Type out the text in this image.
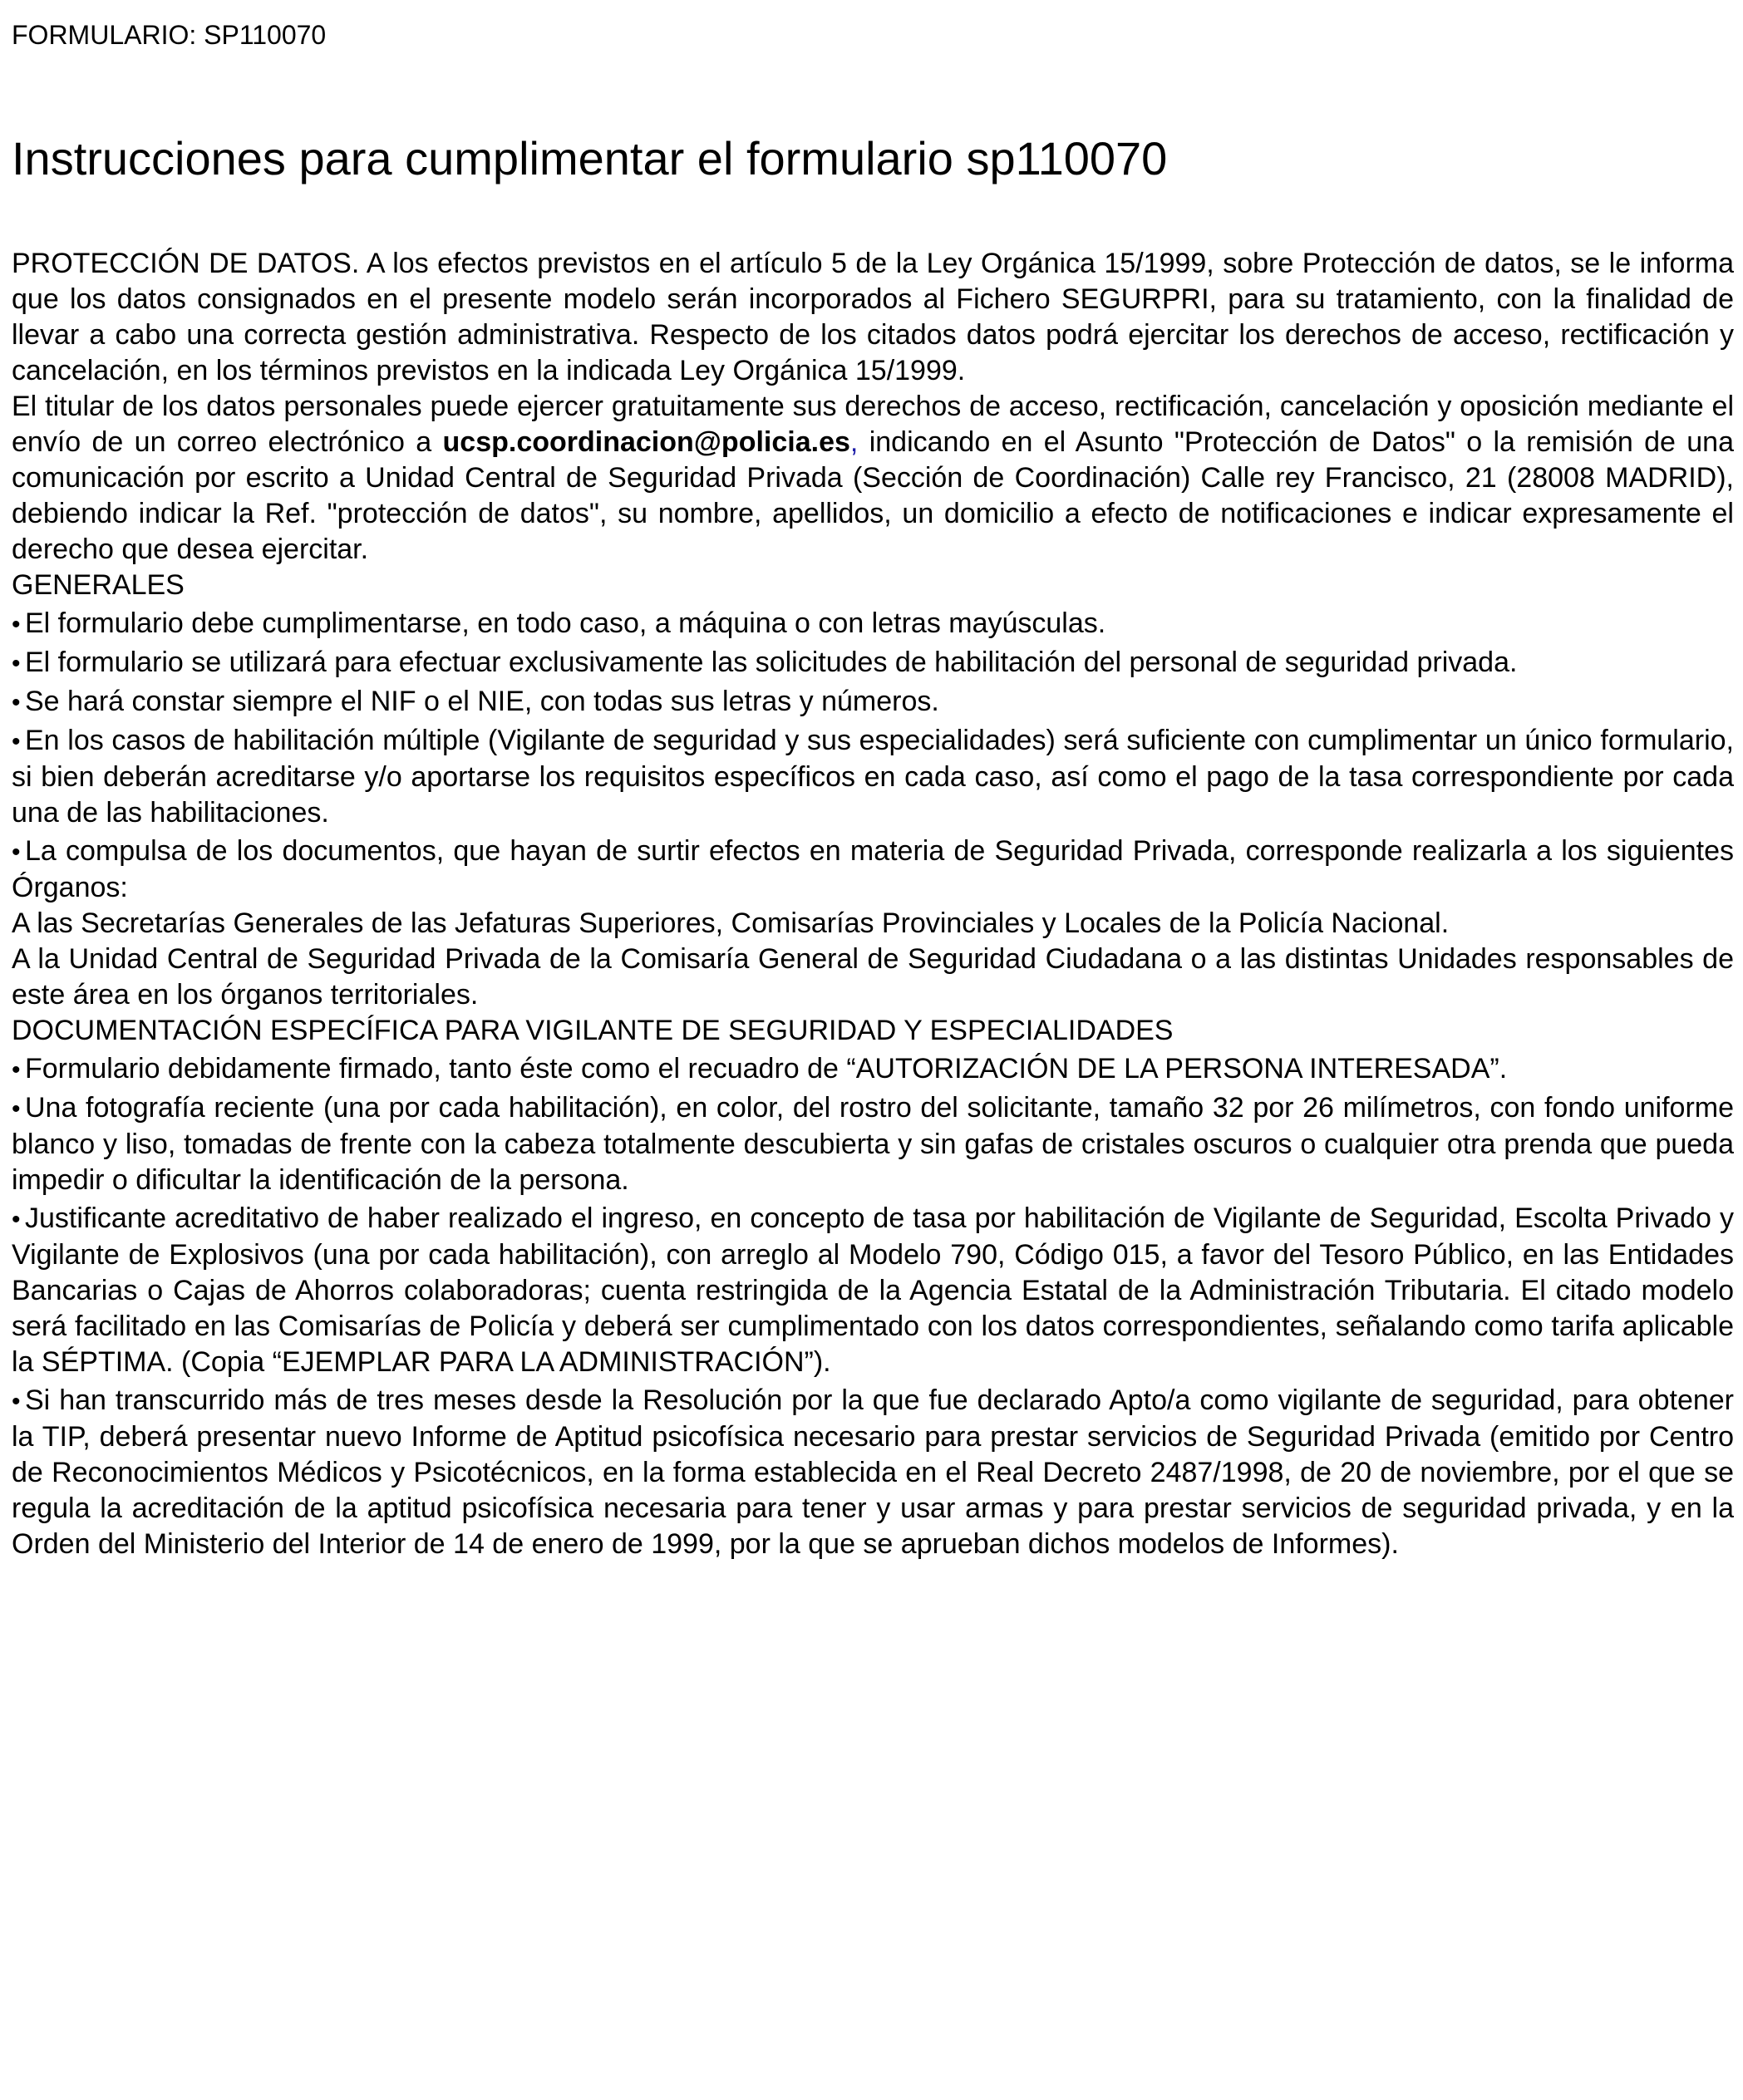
FORMULARIO: SP110070
Instrucciones para cumplimentar el formulario sp110070

PROTECCIÓN DE DATOS. A los efectos previstos en el artículo 5 de la Ley Orgánica 15/1999, sobre Protección de datos, se le informa que los datos consignados en el presente modelo serán incorporados al Fichero SEGURPRI, para su tratamiento, con la finalidad de llevar a cabo una correcta gestión administrativa. Respecto de los citados datos podrá ejercitar los derechos de acceso, rectificación y cancelación, en los términos previstos en la indicada Ley Orgánica 15/1999.

El titular de los datos personales puede ejercer gratuitamente sus derechos de acceso, rectificación, cancelación y oposición mediante el envío de un correo electrónico a ucsp.coordinacion@policia.es, indicando en el Asunto "Protección de Datos" o la remisión de una comunicación por escrito a Unidad Central de Seguridad Privada (Sección de Coordinación) Calle rey Francisco, 21 (28008 MADRID), debiendo indicar la Ref. "protección de datos", su nombre, apellidos, un domicilio a efecto de notificaciones e indicar expresamente el derecho que desea ejercitar.

GENERALES

• El formulario debe cumplimentarse, en todo caso, a máquina o con letras mayúsculas.

• El formulario se utilizará para efectuar exclusivamente las solicitudes de habilitación del personal de seguridad privada.

• Se hará constar siempre el NIF o el NIE, con todas sus letras y números.

• En los casos de habilitación múltiple (Vigilante de seguridad y sus especialidades) será suficiente con cumplimentar un único formulario, si bien deberán acreditarse y/o aportarse los requisitos específicos en cada caso, así como el pago de la tasa correspondiente por cada una de las habilitaciones.

• La compulsa de los documentos, que hayan de surtir efectos en materia de Seguridad Privada, corresponde realizarla a los siguientes Órganos:

A las Secretarías Generales de las Jefaturas Superiores, Comisarías Provinciales y Locales de la Policía Nacional.

A la Unidad Central de Seguridad Privada de la Comisaría General de Seguridad Ciudadana o a las distintas Unidades responsables de este área en los órganos territoriales.

DOCUMENTACIÓN ESPECÍFICA PARA VIGILANTE DE SEGURIDAD Y ESPECIALIDADES

• Formulario debidamente firmado, tanto éste como el recuadro de “AUTORIZACIÓN DE LA PERSONA INTERESADA”.

• Una fotografía reciente (una por cada habilitación), en color, del rostro del solicitante, tamaño 32 por 26 milímetros, con fondo uniforme blanco y liso, tomadas de frente con la cabeza totalmente descubierta y sin gafas de cristales oscuros o cualquier otra prenda que pueda impedir o dificultar la identificación de la persona.

• Justificante acreditativo de haber realizado el ingreso, en concepto de tasa por habilitación de Vigilante de Seguridad, Escolta Privado y Vigilante de Explosivos (una por cada habilitación), con arreglo al Modelo 790, Código 015, a favor del Tesoro Público, en las Entidades Bancarias o Cajas de Ahorros colaboradoras; cuenta restringida de la Agencia Estatal de la Administración Tributaria. El citado modelo será facilitado en las Comisarías de Policía y deberá ser cumplimentado con los datos correspondientes, señalando como tarifa aplicable la SÉPTIMA. (Copia “EJEMPLAR PARA LA ADMINISTRACIÓN”).

• Si han transcurrido más de tres meses desde la Resolución por la que fue declarado Apto/a como vigilante de seguridad, para obtener la TIP, deberá presentar nuevo Informe de Aptitud psicofísica necesario para prestar servicios de Seguridad Privada (emitido por Centro de Reconocimientos Médicos y Psicotécnicos, en la forma establecida en el Real Decreto 2487/1998, de 20 de noviembre, por el que se regula la acreditación de la aptitud psicofísica necesaria para tener y usar armas y para prestar servicios de seguridad privada, y en la Orden del Ministerio del Interior de 14 de enero de 1999, por la que se aprueban dichos modelos de Informes).
